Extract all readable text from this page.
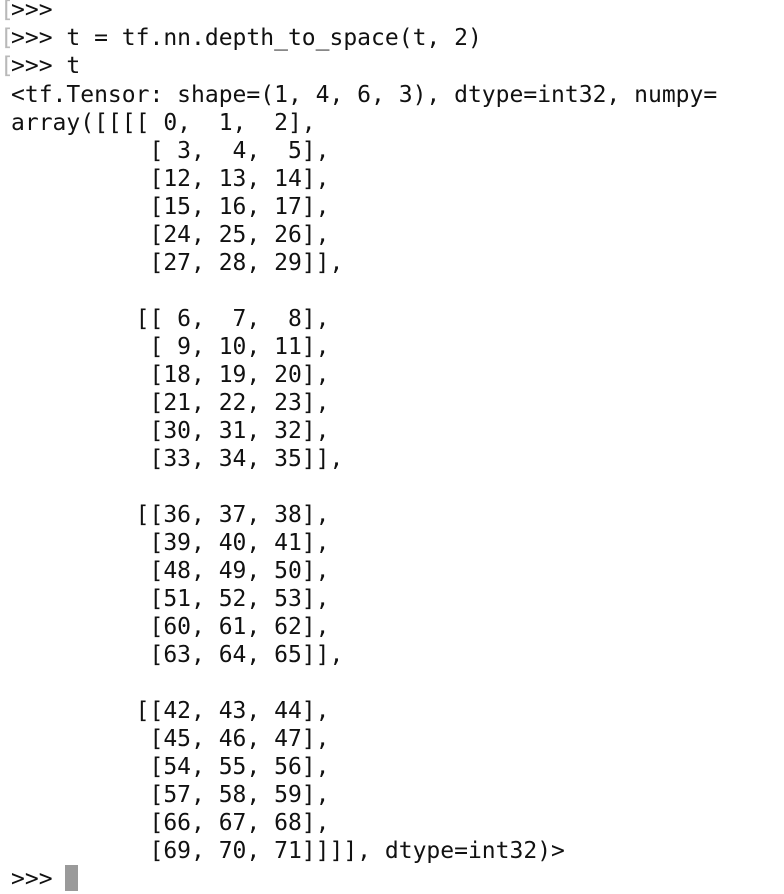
[
>>>
[
>>> t = tf.nn.depth_to_space(t, 2)
[
>>> t
<tf.Tensor: shape=(1, 4, 6, 3), dtype=int32, numpy=
array([[[[ 0,  1,  2],
[ 3,  4,  5],
[12, 13, 14],
[15, 16, 17],
[24, 25, 26],
[27, 28, 29]],
[[ 6,  7,  8],
[ 9, 10, 11],
[18, 19, 20],
[21, 22, 23],
[30, 31, 32],
[33, 34, 35]],
[[36, 37, 38],
[39, 40, 41],
[48, 49, 50],
[51, 52, 53],
[60, 61, 62],
[63, 64, 65]],
[[42, 43, 44],
[45, 46, 47],
[54, 55, 56],
[57, 58, 59],
[66, 67, 68],
[69, 70, 71]]]], dtype=int32)>
>>>
